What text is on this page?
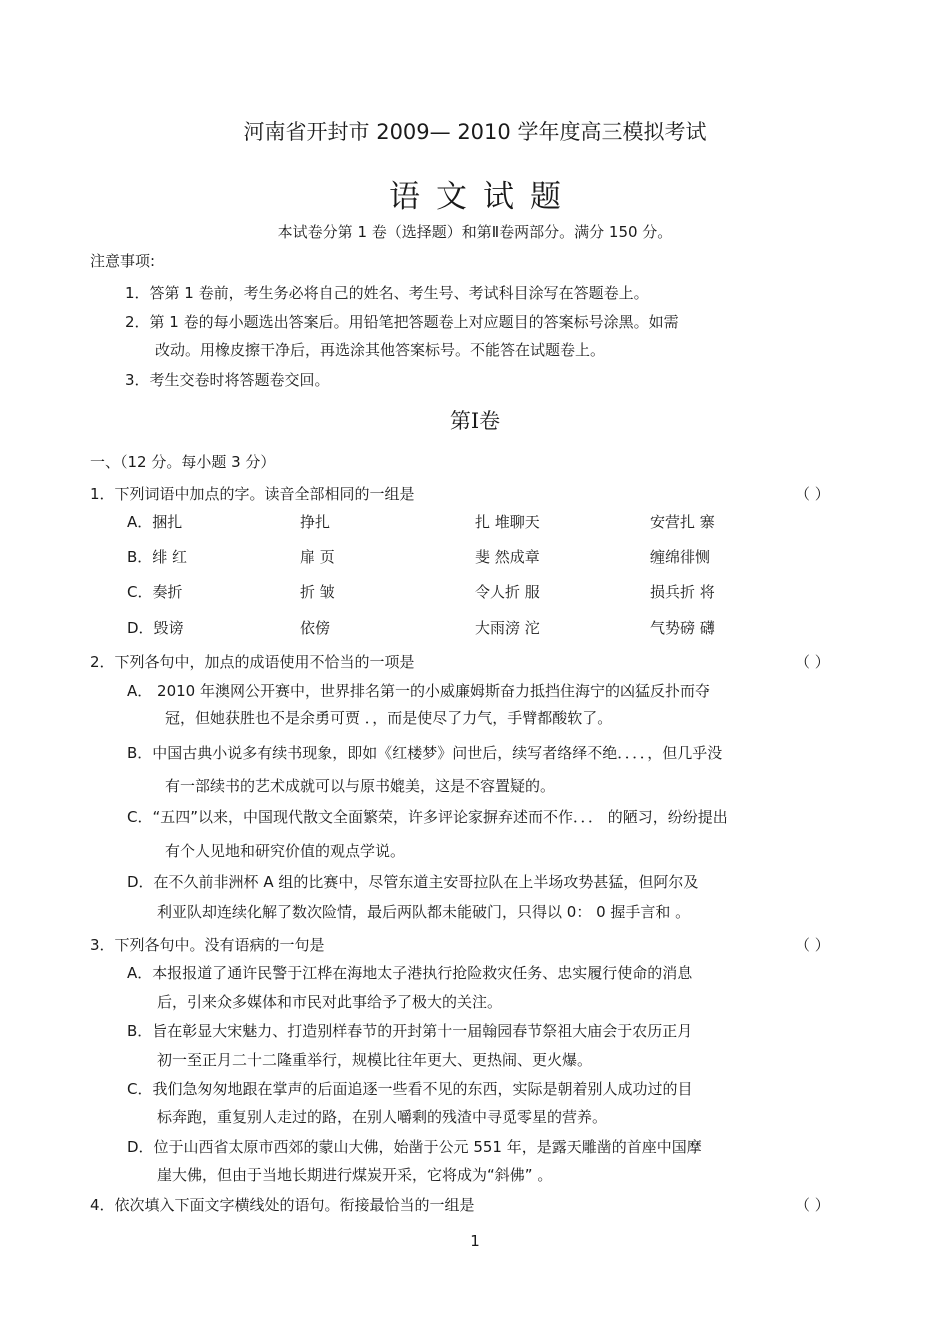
河南省开封市 2009— 2010 学年度高三模拟考试
语文试题
本试卷分第 1 卷（选择题）和第Ⅱ卷两部分。满分 150 分。
注意事项:
1．答第 1 卷前，考生务必将自己的姓名、考生号、考试科目涂写在答题卷上。
2．第 1 卷的每小题选出答案后。用铅笔把答题卷上对应题目的答案标号涂黑。如需
改动。用橡皮擦干净后，再选涂其他答案标号。不能答在试题卷上。
3．考生交卷时将答题卷交回。
第Ⅰ卷
一、（12 分。每小题 3 分）
1．下列词语中加点的字。读音全部相同的一组是	（ ）
A．捆扎	挣扎	扎 堆聊天	安营扎 寨
B．绯 红	扉 页	斐 然成章	缠绵徘恻
C．奏折	折 皱	令人折 服	损兵折 将
D．毁谤	依傍	大雨滂 沱	气势磅 礴
2．下列各句中，加点的成语使用不恰当的一项是	（ ）
A． 2010 年澳网公开赛中，世界排名第一的小威廉姆斯奋力抵挡住海宁的凶猛反扑而夺
冠，但她获胜也不是余勇可贾 ．，而是使尽了力气，手臂都酸软了。
B．中国古典小说多有续书现象，即如《红楼梦》问世后，续写者络绎不绝．．．．，但几乎没
有一部续书的艺术成就可以与原书媲美，这是不容置疑的。
C．“五四”以来，中国现代散文全面繁荣，许多评论家摒弃述而不作．．． 的陋习，纷纷提出
有个人见地和研究价值的观点学说。
D．在不久前非洲杯 A 组的比赛中，尽管东道主安哥拉队在上半场攻势甚猛，但阿尔及
利亚队却连续化解了数次险情，最后两队都未能破门，只得以 0： 0 握手言和 。
3．下列各句中。没有语病的一句是	（ ）
A．本报报道了通许民警于江桦在海地太子港执行抢险救灾任务、忠实履行使命的消息
后，引来众多媒体和市民对此事给予了极大的关注。
B．旨在彰显大宋魅力、打造别样春节的开封第十一届翰园春节祭祖大庙会于农历正月
初一至正月二十二隆重举行，规模比往年更大、更热闹、更火爆。
C．我们急匆匆地跟在掌声的后面追逐一些看不见的东西，实际是朝着别人成功过的目
标奔跑，重复别人走过的路，在别人嚼剩的残渣中寻觅零星的营养。
D．位于山西省太原市西郊的蒙山大佛，始凿于公元 551 年，是露天雕凿的首座中国摩
崖大佛，但由于当地长期进行煤炭开采，它将成为“斜佛” 。
4．依次填入下面文字横线处的语句。衔接最恰当的一组是	（ ）
1
